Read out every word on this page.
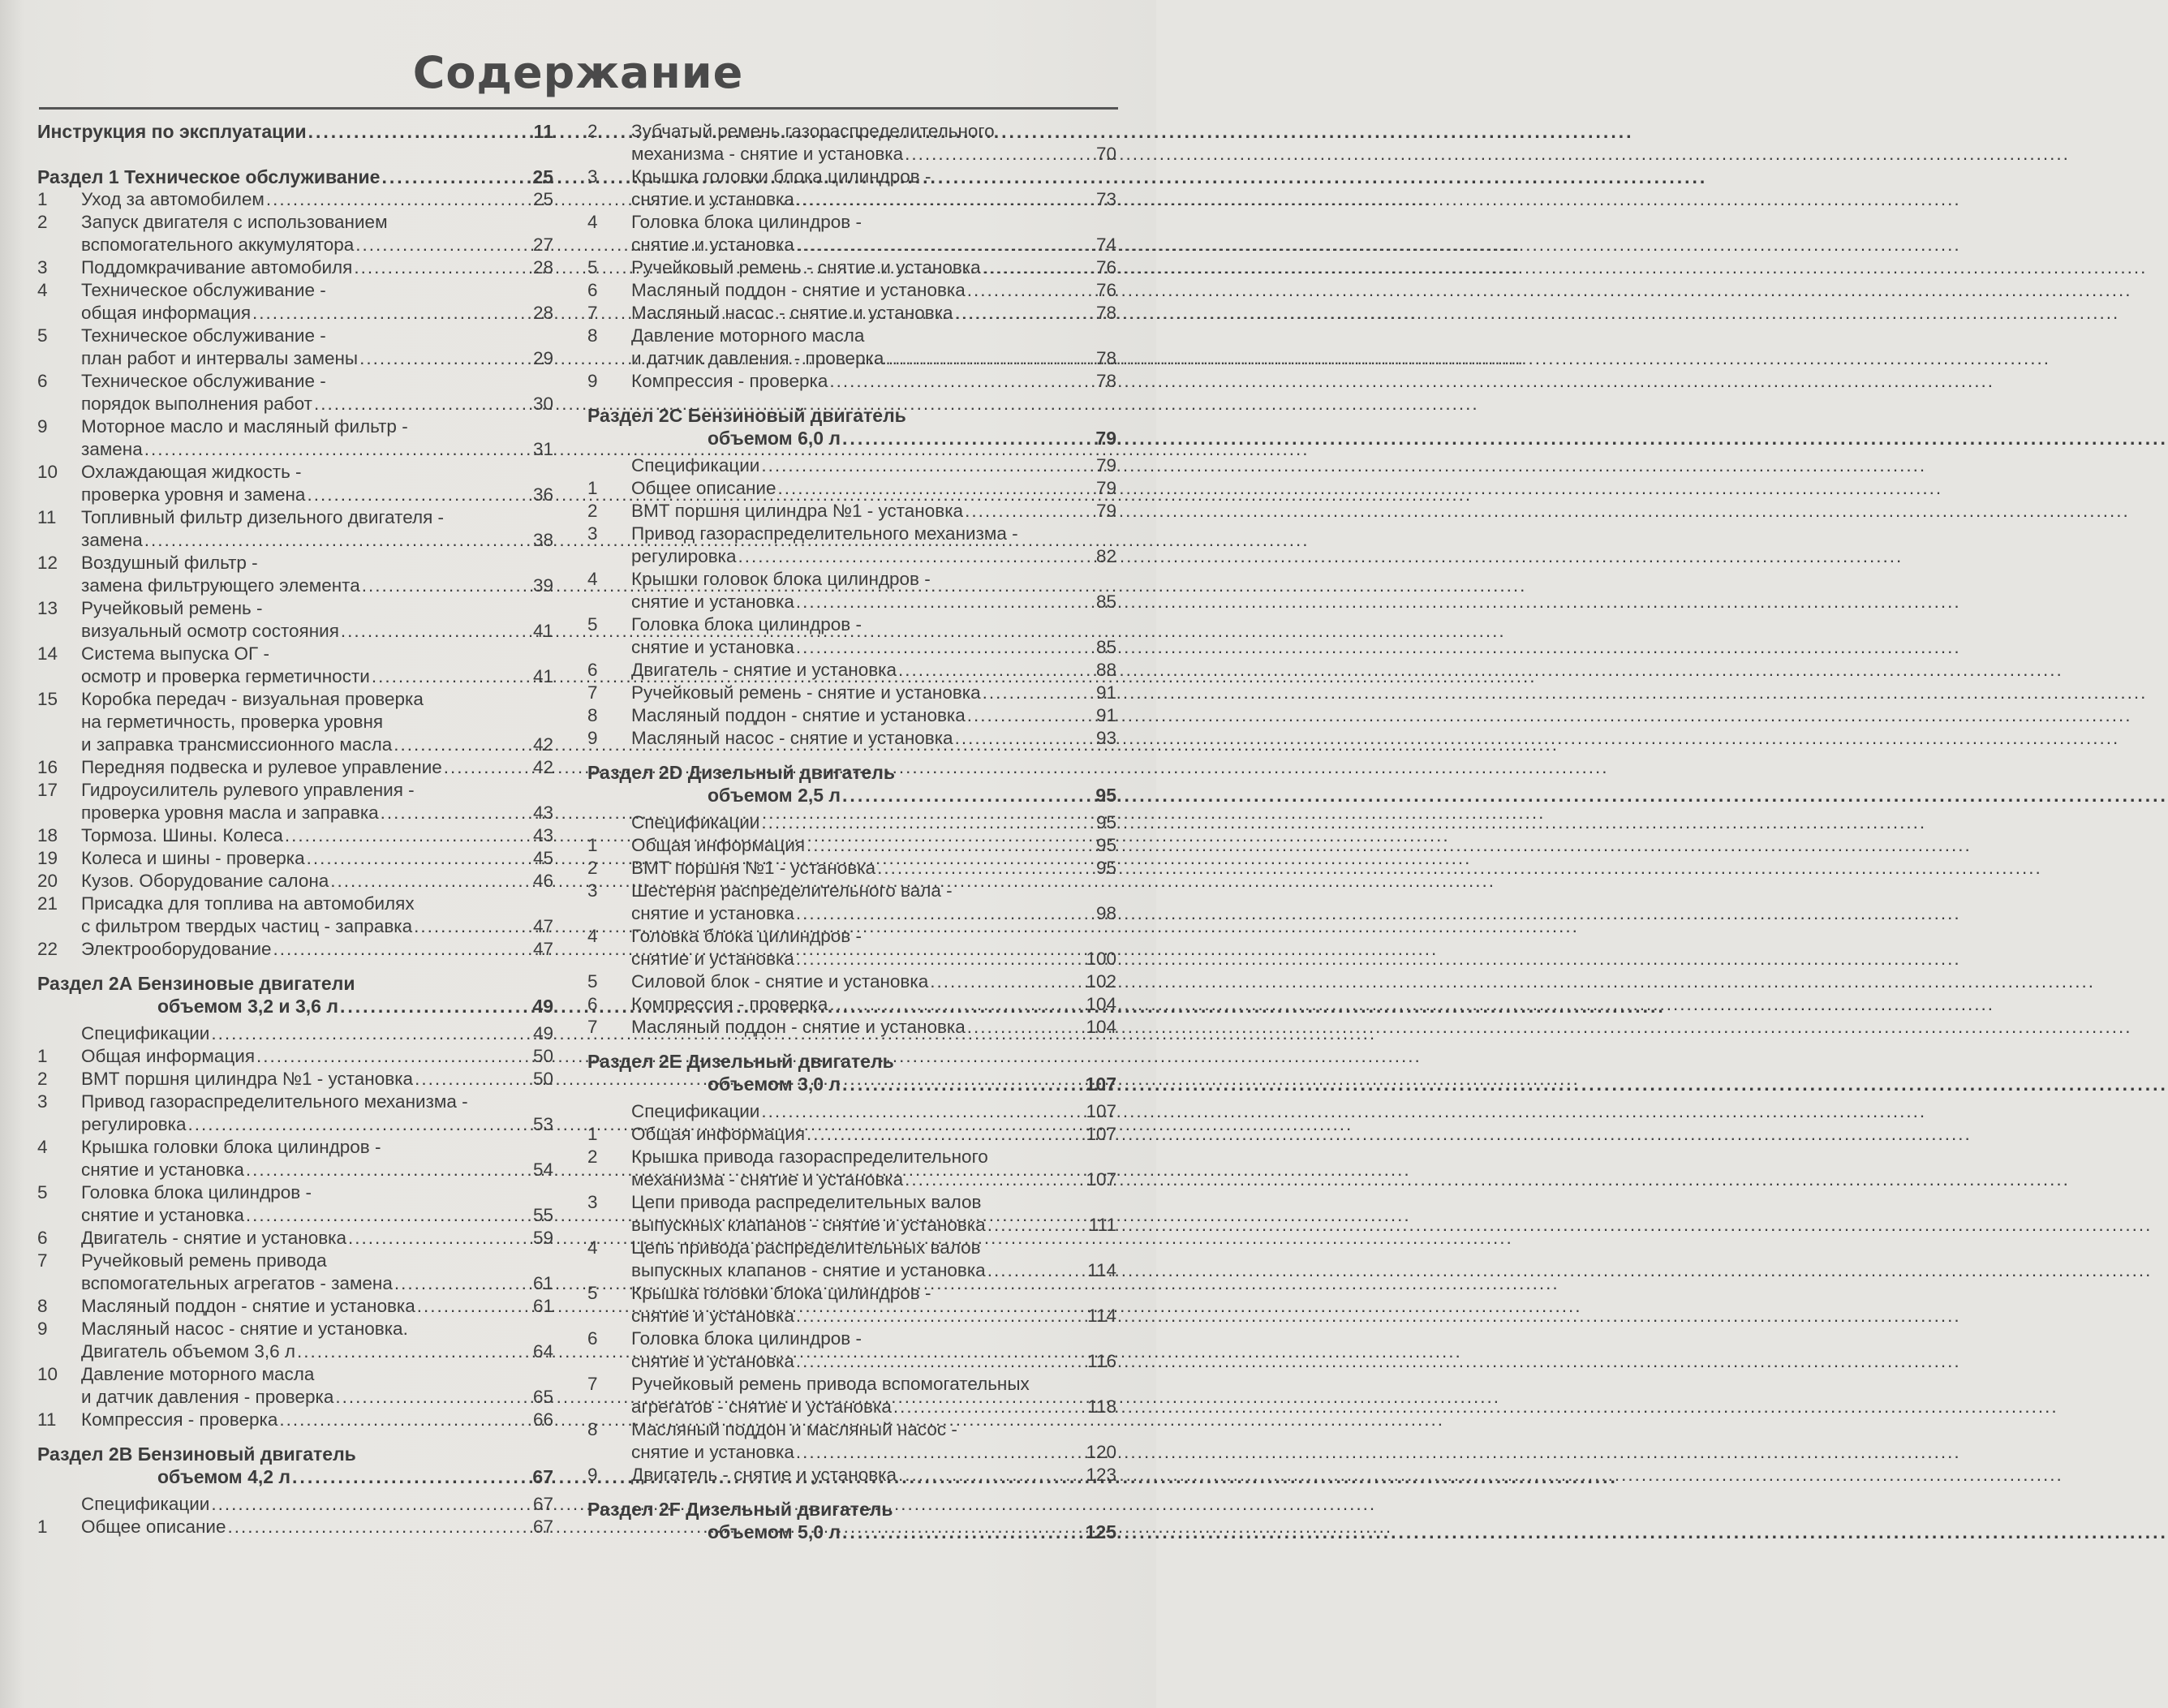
Содержание
Инструкция по эксплуатации .....	11
Раздел 1 Техническое обслуживание .....	25
1	Уход за автомобилем .....	25
2	Запуск двигателя с использованием
вспомогательного аккумулятора .....	27
3	Поддомкрачивание автомобиля .....	28
4	Техническое обслуживание -
общая информация .....	28
5	Техническое обслуживание -
план работ и интервалы замены .....	29
6	Техническое обслуживание -
порядок выполнения работ .....	30
9	Моторное масло и масляный фильтр -
замена .....	31
10	Охлаждающая жидкость -
проверка уровня и замена .....	36
11	Топливный фильтр дизельного двигателя -
замена .....	38
12	Воздушный фильтр -
замена фильтрующего элемента .....	39
13	Ручейковый ремень -
визуальный осмотр состояния .....	41
14	Система выпуска ОГ -
осмотр и проверка герметичности .....	41
15	Коробка передач - визуальная проверка
на герметичность, проверка уровня
и заправка трансмиссионного масла .....	42
16	Передняя подвеска и рулевое управление .....	42
17	Гидроусилитель рулевого управления -
проверка уровня масла и заправка .....	43
18	Тормоза. Шины. Колеса .....	43
19	Колеса и шины - проверка .....	45
20	Кузов. Оборудование салона .....	46
21	Присадка для топлива на автомобилях
с фильтром твердых частиц - заправка .....	47
22	Электрооборудование .....	47
Раздел 2А Бензиновые двигатели
объемом 3,2 и 3,6 л .....	49
Спецификации .....	49
1	Общая информация .....	50
2	ВМТ поршня цилиндра №1 - установка .....	50
3	Привод газораспределительного механизма -
регулировка .....	53
4	Крышка головки блока цилиндров -
снятие и установка .....	54
5	Головка блока цилиндров -
снятие и установка .....	55
6	Двигатель - снятие и установка .....	59
7	Ручейковый ремень привода
вспомогательных агрегатов - замена .....	61
8	Масляный поддон - снятие и установка .....	61
9	Масляный насос - снятие и установка.
Двигатель объемом 3,6 л .....	64
10	Давление моторного масла
и датчик давления - проверка .....	65
11	Компрессия - проверка .....	66
Раздел 2В Бензиновый двигатель
объемом 4,2 л .....	67
Спецификации .....	67
1	Общее описание .....	67
2	Зубчатый ремень газораспределительного
механизма - снятие и установка .....	70
3	Крышка головки блока цилиндров -
снятие и установка .....	73
4	Головка блока цилиндров -
снятие и установка .....	74
5	Ручейковый ремень - снятие и установка .....	76
6	Масляный поддон - снятие и установка .....	76
7	Масляный насос - снятие и установка .....	78
8	Давление моторного масла
и датчик давления - проверка .....	78
9	Компрессия - проверка .....	78
Раздел 2С Бензиновый двигатель
объемом 6,0 л .....	79
Спецификации .....	79
1	Общее описание .....	79
2	ВМТ поршня цилиндра №1 - установка .....	79
3	Привод газораспределительного механизма -
регулировка .....	82
4	Крышки головок блока цилиндров -
снятие и установка .....	85
5	Головка блока цилиндров -
снятие и установка .....	85
6	Двигатель - снятие и установка .....	88
7	Ручейковый ремень - снятие и установка .....	91
8	Масляный поддон - снятие и установка .....	91
9	Масляный насос - снятие и установка .....	93
Раздел 2D Дизельный двигатель
объемом 2,5 л .....	95
Спецификации .....	95
1	Общая информация .....	95
2	ВМТ поршня №1 - установка .....	95
3	Шестерня распределительного вала -
снятие и установка .....	98
4	Головка блока цилиндров -
снятие и установка .....	100
5	Силовой блок - снятие и установка .....	102
6	Компрессия - проверка .....	104
7	Масляный поддон - снятие и установка .....	104
Раздел 2Е Дизельный двигатель
объемом 3,0 л .....	107
Спецификации .....	107
1	Общая информация .....	107
2	Крышка привода газораспределительного
механизма - снятие и установка .....	107
3	Цепи привода распределительных валов
выпускных клапанов - снятие и установка .....	111
4	Цепь привода распределительных валов
выпускных клапанов - снятие и установка .....	114
5	Крышка головки блока цилиндров -
снятие и установка .....	114
6	Головка блока цилиндров -
снятие и установка .....	116
7	Ручейковый ремень привода вспомогательных
агрегатов - снятие и установка .....	118
8	Масляный поддон и масляный насос -
снятие и установка .....	120
9	Двигатель - снятие и установка .....	123
Раздел 2F Дизельный двигатель
объемом 5,0 л .....	125
